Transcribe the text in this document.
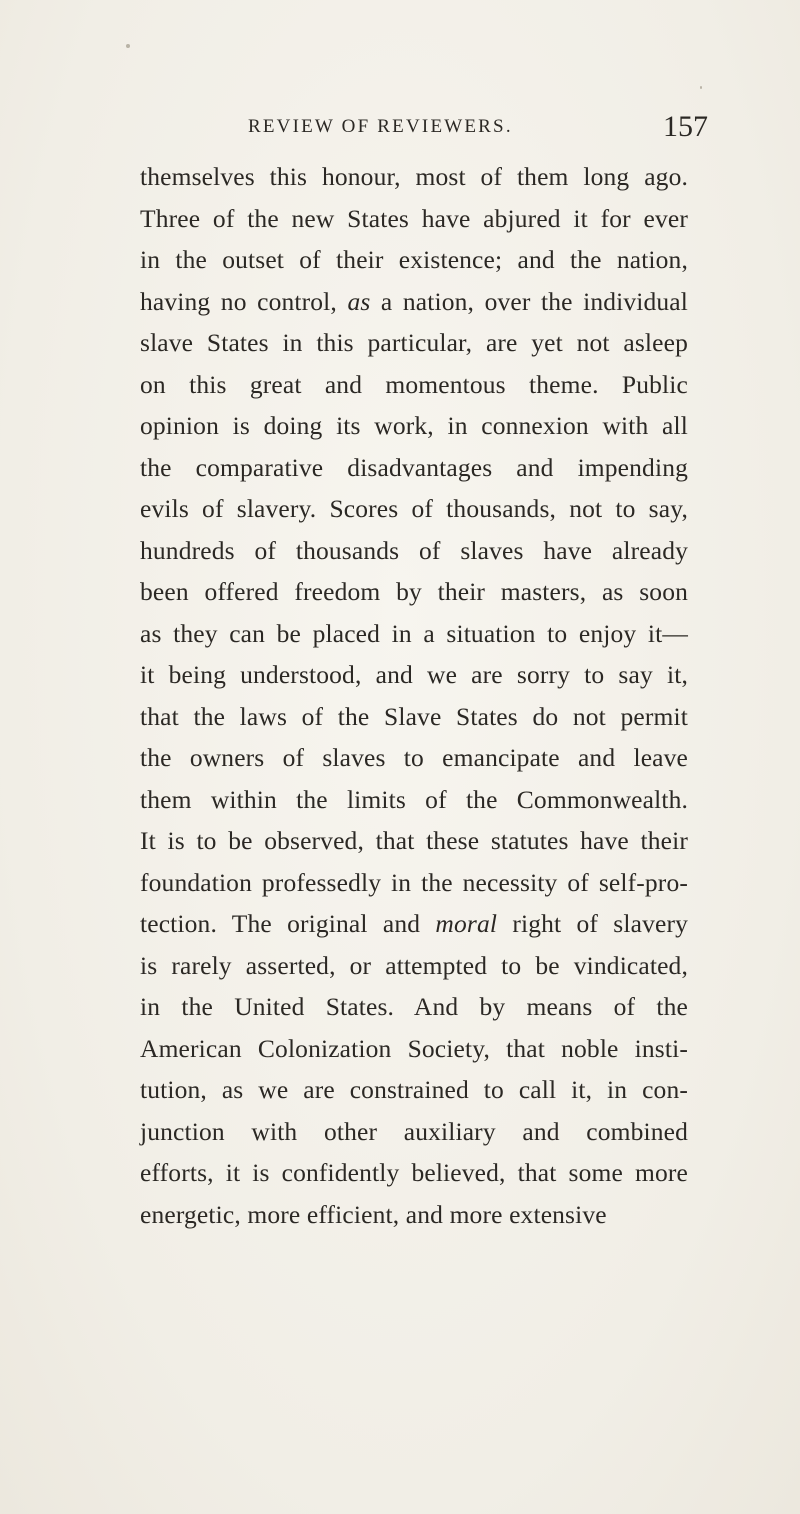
REVIEW OF REVIEWERS.	157
themselves this honour, most of them long ago.
Three of the new States have abjured it for ever
in the outset of their existence; and the nation,
having no control, as a nation, over the individual
slave States in this particular, are yet not asleep
on this great and momentous theme. Public
opinion is doing its work, in connexion with all
the comparative disadvantages and impending
evils of slavery. Scores of thousands, not to say,
hundreds of thousands of slaves have already
been offered freedom by their masters, as soon
as they can be placed in a situation to enjoy it—
it being understood, and we are sorry to say it,
that the laws of the Slave States do not permit
the owners of slaves to emancipate and leave
them within the limits of the Commonwealth.
It is to be observed, that these statutes have their
foundation professedly in the necessity of self-pro-
tection. The original and moral right of slavery
is rarely asserted, or attempted to be vindicated,
in the United States. And by means of the
American Colonization Society, that noble insti-
tution, as we are constrained to call it, in con-
junction with other auxiliary and combined
efforts, it is confidently believed, that some more
energetic, more efficient, and more extensive
